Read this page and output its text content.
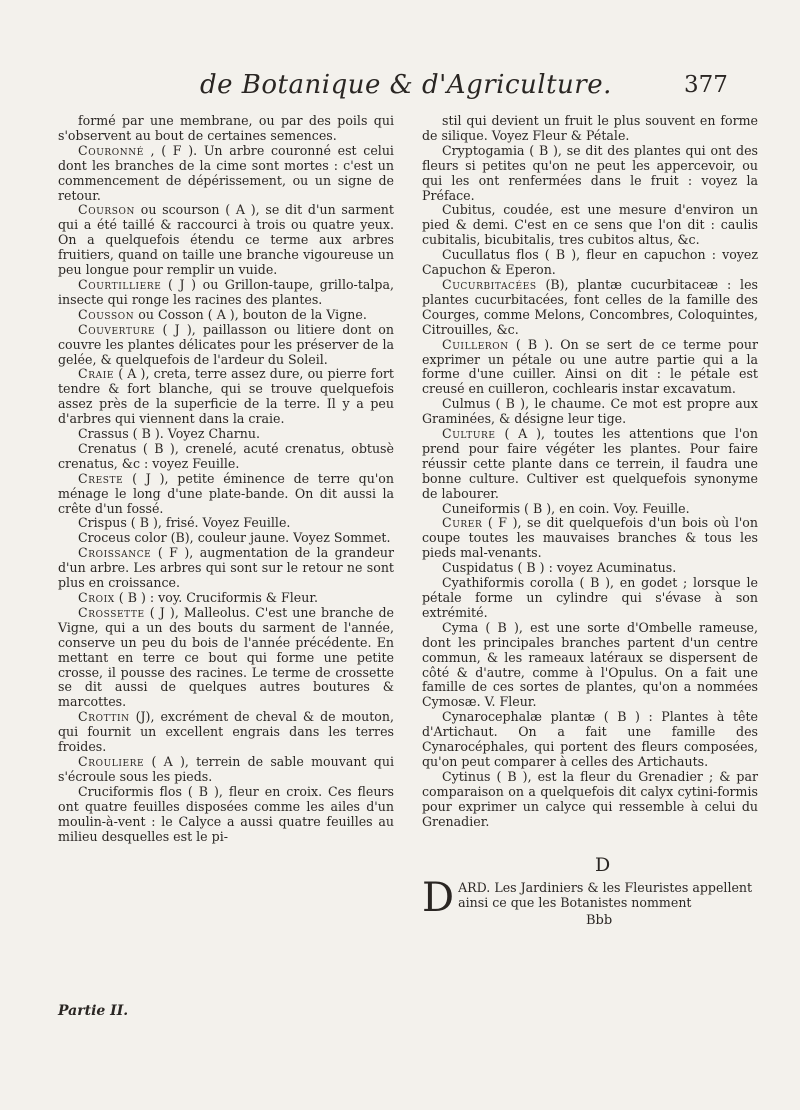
de Botanique & d'Agriculture.	377

formé par une membrane, ou par des poils qui s'observent au bout de certaines semences.

Couronné , ( F ). Un arbre couronné est celui dont les branches de la cime sont mortes : c'est un commencement de dépérissement, ou un signe de retour.

Courson ou scourson ( A ), se dit d'un sarment qui a été taillé & raccourci à trois ou quatre yeux. On a quelquefois étendu ce terme aux arbres fruitiers, quand on taille une branche vigoureuse un peu longue pour remplir un vuide.

Courtilliere ( J ) ou Grillon-taupe, grillo-talpa, insecte qui ronge les racines des plantes.

Cousson ou Cosson ( A ), bouton de la Vigne.

Couverture ( J ), paillasson ou litiere dont on couvre les plantes délicates pour les préserver de la gelée, & quelquefois de l'ardeur du Soleil.

Craie ( A ), creta, terre assez dure, ou pierre fort tendre & fort blanche, qui se trouve quelquefois assez près de la superficie de la terre. Il y a peu d'arbres qui viennent dans la craie.

Crassus ( B ). Voyez Charnu.

Crenatus ( B ), crenelé, acuté crenatus, obtusè crenatus, &c : voyez Feuille.

Creste ( J ), petite éminence de terre qu'on ménage le long d'une plate-bande. On dit aussi la crête d'un fossé.

Crispus ( B ), frisé. Voyez Feuille.

Croceus color (B), couleur jaune. Voyez Sommet.

Croissance ( F ), augmentation de la grandeur d'un arbre. Les arbres qui sont sur le retour ne sont plus en croissance.

Croix ( B ) : voy. Cruciformis & Fleur.

Crossette ( J ), Malleolus. C'est une branche de Vigne, qui a un des bouts du sarment de l'année, conserve un peu du bois de l'année précédente. En mettant en terre ce bout qui forme une petite crosse, il pousse des racines. Le terme de crossette se dit aussi de quelques autres boutures & marcottes.

Crottin (J), excrément de cheval & de mouton, qui fournit un excellent engrais dans les terres froides.

Crouliere ( A ), terrein de sable mouvant qui s'écroule sous les pieds.

Cruciformis flos ( B ), fleur en croix. Ces fleurs ont quatre feuilles disposées comme les ailes d'un moulin-à-vent : le Calyce a aussi quatre feuilles au milieu desquelles est le pi-

stil qui devient un fruit le plus souvent en forme de silique. Voyez Fleur & Pétale.

Cryptogamia ( B ), se dit des plantes qui ont des fleurs si petites qu'on ne peut les appercevoir, ou qui les ont renfermées dans le fruit : voyez la Préface.

Cubitus, coudée, est une mesure d'environ un pied & demi. C'est en ce sens que l'on dit : caulis cubitalis, bicubitalis, tres cubitos altus, &c.

Cucullatus flos ( B ), fleur en capuchon : voyez Capuchon & Eperon.

Cucurbitacées (B), plantæ cucurbitaceæ : les plantes cucurbitacées, font celles de la famille des Courges, comme Melons, Concombres, Coloquintes, Citrouilles, &c.

Cuilleron ( B ). On se sert de ce terme pour exprimer un pétale ou une autre partie qui a la forme d'une cuiller. Ainsi on dit : le pétale est creusé en cuilleron, cochlearis instar excavatum.

Culmus ( B ), le chaume. Ce mot est propre aux Graminées, & désigne leur tige.

Culture ( A ), toutes les attentions que l'on prend pour faire végéter les plantes. Pour faire réussir cette plante dans ce terrein, il faudra une bonne culture. Cultiver est quelquefois synonyme de labourer.

Cuneiformis ( B ), en coin. Voy. Feuille.

Curer ( F ), se dit quelquefois d'un bois où l'on coupe toutes les mauvaises branches & tous les pieds mal-venants.

Cuspidatus ( B ) : voyez Acuminatus.

Cyathiformis corolla ( B ), en godet ; lorsque le pétale forme un cylindre qui s'évase à son extrémité.

Cyma ( B ), est une sorte d'Ombelle rameuse, dont les principales branches partent d'un centre commun, & les rameaux latéraux se dispersent de côté & d'autre, comme à l'Opulus. On a fait une famille de ces sortes de plantes, qu'on a nommées Cymosæ. V. Fleur.

Cynarocephalæ plantæ ( B ) : Plantes à tête d'Artichaut. On a fait une famille des Cynarocéphales, qui portent des fleurs composées, qu'on peut comparer à celles des Artichauts.

Cytinus ( B ), est la fleur du Grenadier ; & par comparaison on a quelquefois dit calyx cytini-formis pour exprimer un calyce qui ressemble à celui du Grenadier.

Partie II.
D
D ARD. Les Jardiniers & les Fleuristes appellent ainsi ce que les Botanistes nomment
Bbb
